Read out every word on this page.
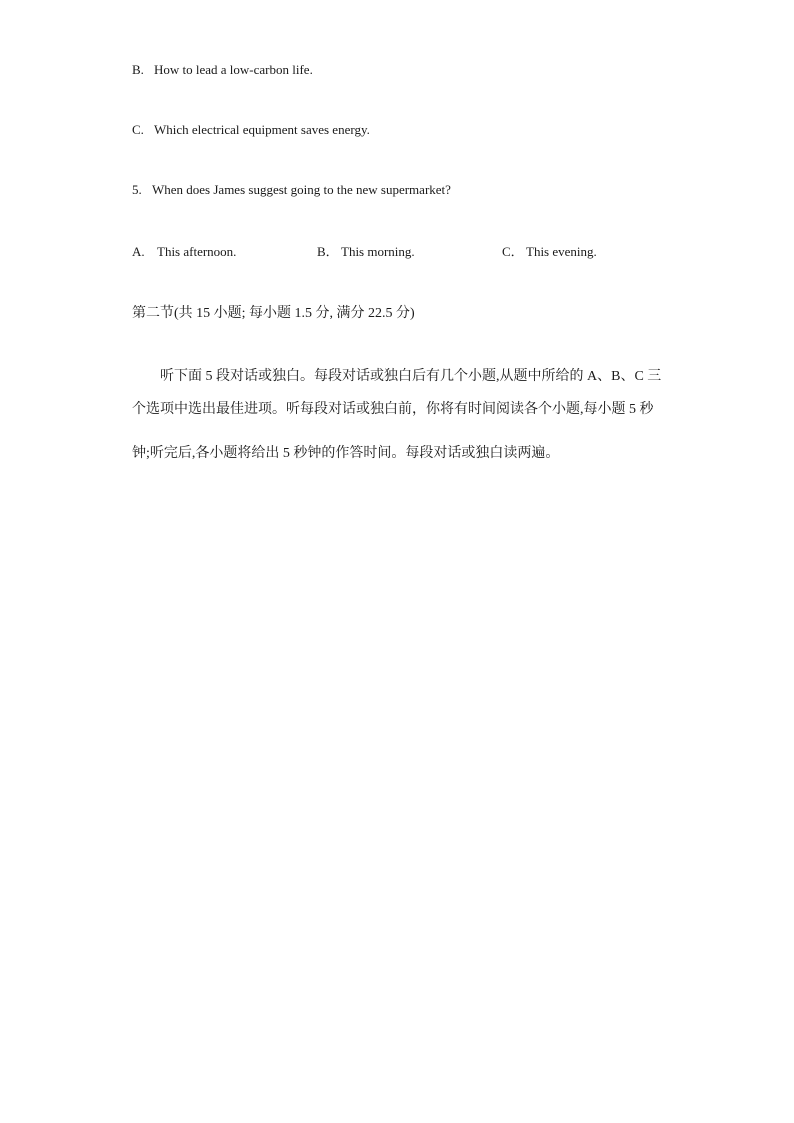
B. How to lead a low-carbon life.
C. Which electrical equipment saves energy.
5. When does James suggest going to the new supermarket?
A. This afternoon.	B． This morning.	C． This evening.
第二节(共 15 小题; 每小题 1.5 分, 满分 22.5 分)
听下面 5 段对话或独白。每段对话或独白后有几个小题,从题中所给的 A、B、C 三
个选项中选出最佳进项。听每段对话或独白前，你将有时间阅读各个小题,每小题 5 秒
钟;听完后,各小题将给出 5 秒钟的作答时间。每段对话或独白读两遍。
